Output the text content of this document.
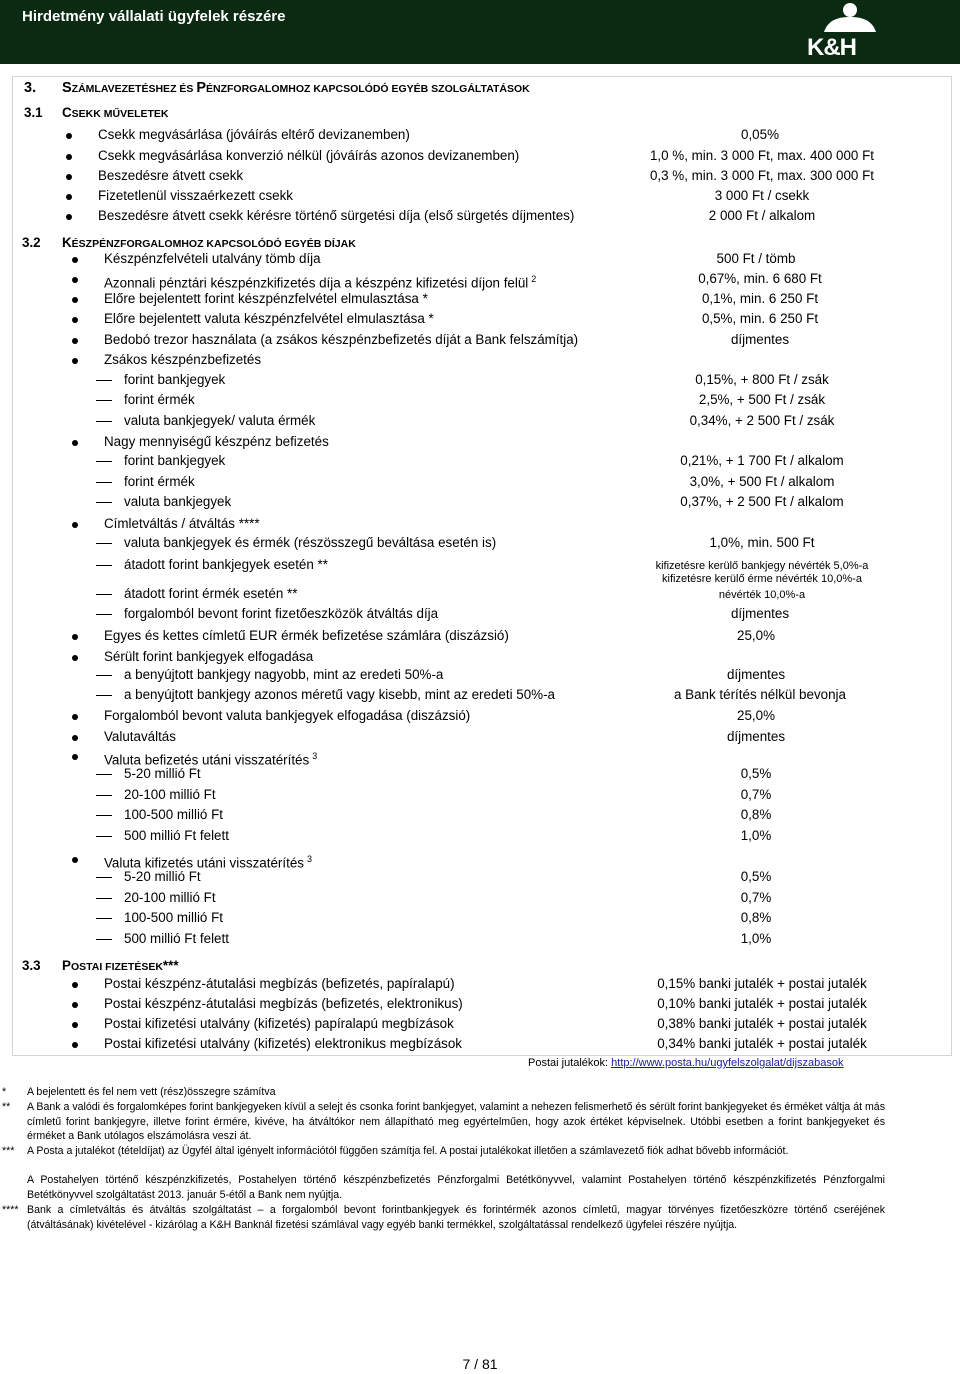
Hirdetmény vállalati ügyfelek részére
K&H
3. SZÁMLAVEZETÉSHEZ ÉS PÉNZFORGALOMHOZ KAPCSOLÓDÓ EGYÉB SZOLGÁLTATÁSOK
3.1 CSEKK MŰVELETEK
Csekk megvásárlása (jóváírás eltérő devizanemben)	0,05%
Csekk megvásárlása konverzió nélkül (jóváírás azonos devizanemben)	1,0 %, min. 3 000 Ft, max. 400 000 Ft
Beszedésre átvett csekk	0,3 %, min. 3 000 Ft, max. 300 000 Ft
Fizetetlenül visszaérkezett csekk	3 000 Ft / csekk
Beszedésre átvett csekk kérésre történő sürgetési díja (első sürgetés díjmentes)	2 000 Ft / alkalom
3.2 KÉSZPÉNZFORGALOMHOZ KAPCSOLÓDÓ EGYÉB DÍJAK
Készpénzfelvételi utalvány tömb díja	500 Ft / tömb
Azonnali pénztári készpénzkifizetés díja a készpénz kifizetési díjon felül $^2$	0,67%, min. 6 680 Ft
Előre bejelentett forint készpénzfelvétel elmulasztása *	0,1%, min. 6 250 Ft
Előre bejelentett valuta készpénzfelvétel elmulasztása *	0,5%, min. 6 250 Ft
Bedobó trezor használata (a zsákos készpénzbefizetés díját a Bank felszámítja)	díjmentes
Zsákos készpénzbefizetés
forint bankjegyek	0,15%, + 800 Ft / zsák
forint érmék	2,5%, + 500 Ft / zsák
valuta bankjegyek/ valuta érmék	0,34%, + 2 500 Ft / zsák
Nagy mennyiségű készpénz befizetés
forint bankjegyek	0,21%, + 1 700 Ft / alkalom
forint érmék	3,0%, + 500 Ft / alkalom
valuta bankjegyek	0,37%, + 2 500 Ft / alkalom
Címletváltás / átváltás ****
valuta bankjegyek és érmék (részösszegű beváltása esetén is)	1,0%, min. 500 Ft
átadott forint bankjegyek esetén **	kifizetésre kerülő bankjegy névérték 5,0%-a
kifizetésre kerülő érme névérték 10,0%-a
átadott forint érmék esetén **	névérték 10,0%-a
forgalomból bevont forint fizetőeszközök átváltás díja	díjmentes
Egyes és kettes címletű EUR érmék befizetése számlára (diszázsió)	25,0%
Sérült forint bankjegyek elfogadása
a benyújtott bankjegy nagyobb, mint az eredeti 50%-a	díjmentes
a benyújtott bankjegy azonos méretű vagy kisebb, mint az eredeti 50%-a	a Bank térítés nélkül bevonja
Forgalomból bevont valuta bankjegyek elfogadása (diszázsió)	25,0%
Valutaváltás	díjmentes
Valuta befizetés utáni visszatérítés $^3$
5-20 millió Ft	0,5%
20-100 millió Ft	0,7%
100-500 millió Ft	0,8%
500 millió Ft felett	1,0%
Valuta kifizetés utáni visszatérítés $^3$
5-20 millió Ft	0,5%
20-100 millió Ft	0,7%
100-500 millió Ft	0,8%
500 millió Ft felett	1,0%
3.3 POSTAI FIZETÉSEK***
Postai készpénz-átutalási megbízás (befizetés, papíralapú)	0,15% banki jutalék + postai jutalék
Postai készpénz-átutalási megbízás (befizetés, elektronikus)	0,10% banki jutalék + postai jutalék
Postai kifizetési utalvány (kifizetés) papíralapú megbízások	0,38% banki jutalék + postai jutalék
Postai kifizetési utalvány (kifizetés) elektronikus megbízások	0,34% banki jutalék + postai jutalék
Postai jutalékok: http://www.posta.hu/ugyfelszolgalat/dijszabasok
* A bejelentett és fel nem vett (rész)összegre számítva
** A Bank a valódi és forgalomképes forint bankjegyeken kívül a selejt és csonka forint bankjegyet, valamint a nehezen felismerhető és sérült forint bankjegyeket és érméket váltja át más címletű forint bankjegyre, illetve forint érmére, kivéve, ha átváltókor nem állapítható meg egyértelműen, hogy azok értéket képviselnek. Utóbbi esetben a forint bankjegyeket és érméket a Bank utólagos elszámolásra veszi át.
*** A Posta a jutalékot (tételdíjat) az Ügyfél által igényelt információtól függően számítja fel. A postai jutalékokat illetően a számlavezető fiók adhat bővebb információt.
A Postahelyen történő készpénzkifizetés, Postahelyen történő készpénzbefizetés Pénzforgalmi Betétkönyvvel, valamint Postahelyen történő készpénzkifizetés Pénzforgalmi Betétkönyvvel szolgáltatást 2013. január 5-étől a Bank nem nyújtja.
**** Bank a címletváltás és átváltás szolgáltatást – a forgalomból bevont forintbankjegyek és forintérmék azonos címletű, magyar törvényes fizetőeszközre történő cseréjének (átváltásának) kivételével - kizárólag a K&H Banknál fizetési számlával vagy egyéb banki termékkel, szolgáltatással rendelkező ügyfelei részére nyújtja.
7 / 81
